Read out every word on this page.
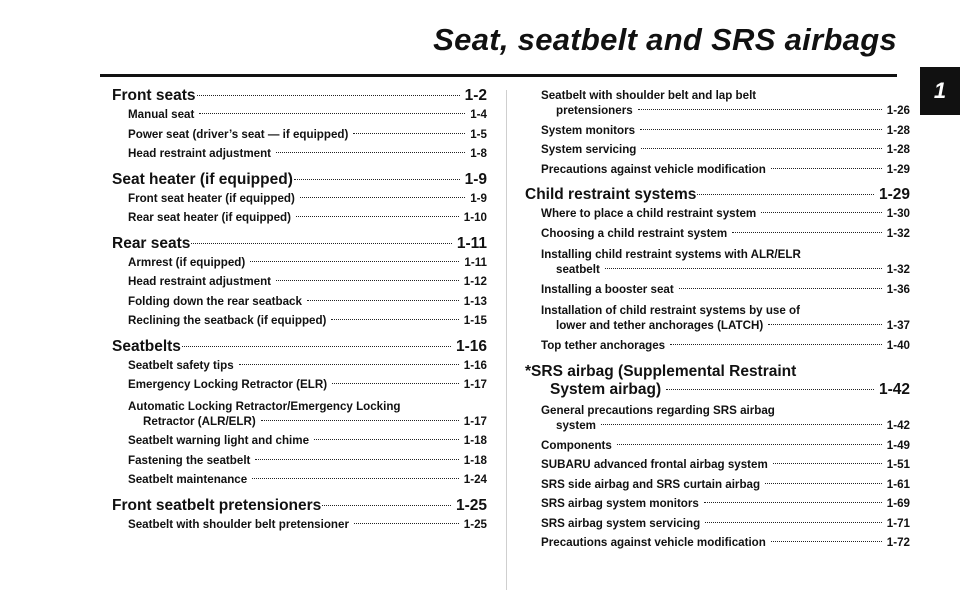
Seat, seatbelt and SRS airbags
1
Front seats	1-2
Manual seat	1-4
Power seat (driver’s seat — if equipped)	1-5
Head restraint adjustment	1-8
Seat heater (if equipped)	1-9
Front seat heater (if equipped)	1-9
Rear seat heater (if equipped)	1-10
Rear seats	1-11
Armrest (if equipped)	1-11
Head restraint adjustment	1-12
Folding down the rear seatback	1-13
Reclining the seatback (if equipped)	1-15
Seatbelts	1-16
Seatbelt safety tips	1-16
Emergency Locking Retractor (ELR)	1-17
Automatic Locking Retractor/Emergency Locking
Retractor (ALR/ELR)	1-17
Seatbelt warning light and chime	1-18
Fastening the seatbelt	1-18
Seatbelt maintenance	1-24
Front seatbelt pretensioners	1-25
Seatbelt with shoulder belt pretensioner	1-25
Seatbelt with shoulder belt and lap belt
pretensioners	1-26
System monitors	1-28
System servicing	1-28
Precautions against vehicle modification	1-29
Child restraint systems	1-29
Where to place a child restraint system	1-30
Choosing a child restraint system	1-32
Installing child restraint systems with ALR/ELR
seatbelt	1-32
Installing a booster seat	1-36
Installation of child restraint systems by use of
lower and tether anchorages (LATCH)	1-37
Top tether anchorages	1-40
*SRS airbag (Supplemental Restraint
System airbag)	1-42
General precautions regarding SRS airbag
system	1-42
Components	1-49
SUBARU advanced frontal airbag system	1-51
SRS side airbag and SRS curtain airbag	1-61
SRS airbag system monitors	1-69
SRS airbag system servicing	1-71
Precautions against vehicle modification	1-72
